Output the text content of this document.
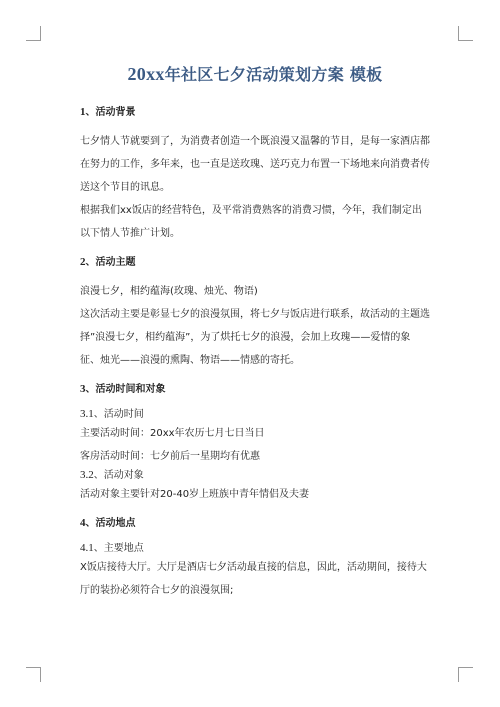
20xx年社区七夕活动策划方案 模板
1、活动背景
七夕情人节就要到了，为消费者创造一个既浪漫又温馨的节目，是每一家酒店都在努力的工作，多年来，也一直是送玫瑰、送巧克力布置一下场地来向消费者传送这个节目的讯息。
根据我们xx饭店的经营特色，及平常消费熟客的消费习惯，今年，我们制定出以下情人节推广计划。
2、活动主题
浪漫七夕，相约蕴海(玫瑰、烛光、物语)
这次活动主要是彰显七夕的浪漫氛围，将七夕与饭店进行联系，故活动的主题选择”浪漫七夕，相约蕴海”，为了烘托七夕的浪漫，会加上玫瑰——爱情的象征、烛光——浪漫的熏陶、物语——情感的寄托。
3、活动时间和对象
3.1、活动时间
主要活动时间：20xx年农历七月七日当日
客房活动时间：七夕前后一星期均有优惠
3.2、活动对象
活动对象主要针对20-40岁上班族中青年情侣及夫妻
4、活动地点
4.1、主要地点
X饭店接待大厅。大厅是酒店七夕活动最直接的信息，因此，活动期间，接待大厅的装扮必须符合七夕的浪漫氛围;
